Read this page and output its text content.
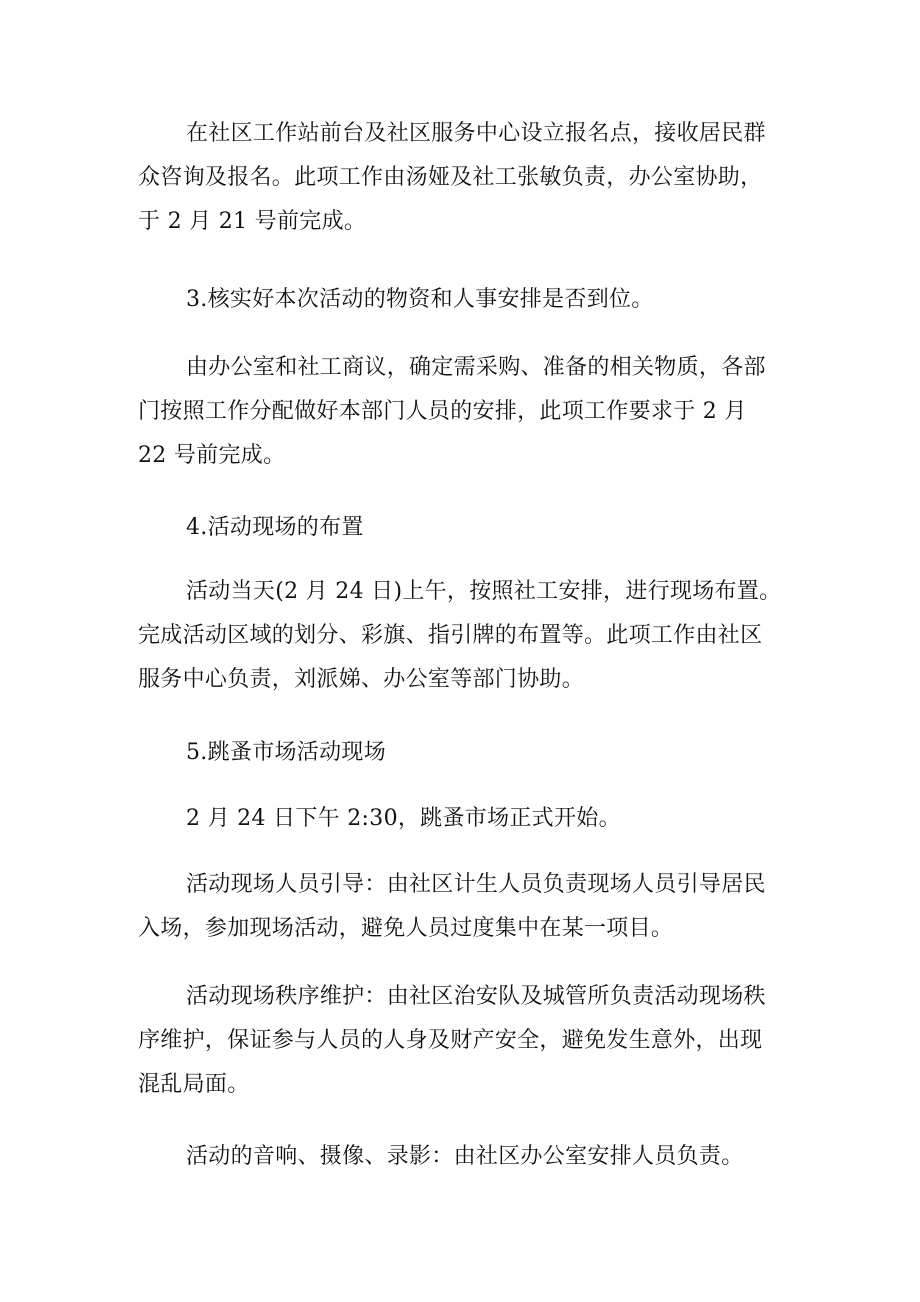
在社区工作站前台及社区服务中心设立报名点，接收居民群
众咨询及报名。此项工作由汤娅及社工张敏负责，办公室协助，
于 2 月 21 号前完成。
3.核实好本次活动的物资和人事安排是否到位。
由办公室和社工商议，确定需采购、准备的相关物质，各部
门按照工作分配做好本部门人员的安排，此项工作要求于 2 月
22 号前完成。
4.活动现场的布置
活动当天(2 月 24 日)上午，按照社工安排，进行现场布置。
完成活动区域的划分、彩旗、指引牌的布置等。此项工作由社区
服务中心负责，刘派娣、办公室等部门协助。
5.跳蚤市场活动现场
2 月 24 日下午 2:30，跳蚤市场正式开始。
活动现场人员引导：由社区计生人员负责现场人员引导居民
入场，参加现场活动，避免人员过度集中在某一项目。
活动现场秩序维护：由社区治安队及城管所负责活动现场秩
序维护，保证参与人员的人身及财产安全，避免发生意外，出现
混乱局面。
活动的音响、摄像、录影：由社区办公室安排人员负责。
